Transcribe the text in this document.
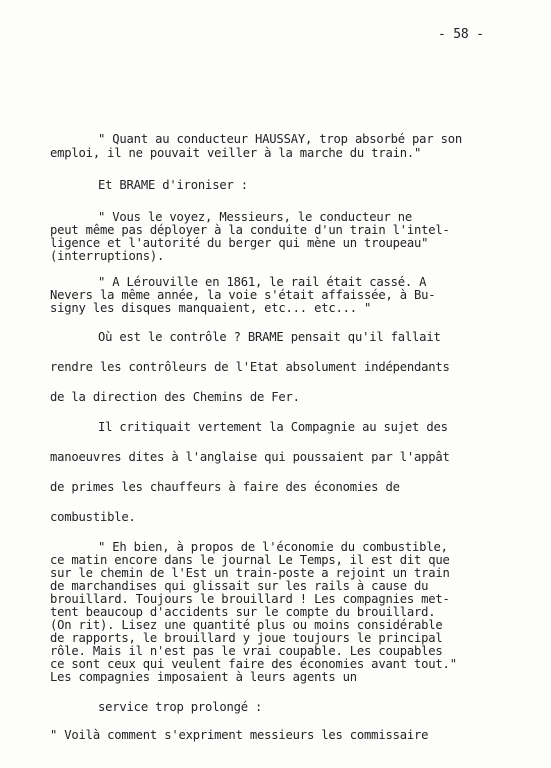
- 58 -
" Quant au conducteur HAUSSAY, trop absorbé par son
emploi, il ne pouvait veiller à la marche du train."
Et BRAME d'ironiser :
" Vous le voyez, Messieurs, le conducteur ne
peut même pas déployer à la conduite d'un train l'intel-
ligence et l'autorité du berger qui mène un troupeau"
(interruptions).
" A Lérouville en 1861, le rail était cassé. A
Nevers la même année, la voie s'était affaissée, à Bu-
signy les disques manquaient, etc... etc... "
Où est le contrôle ? BRAME pensait qu'il fallait
rendre les contrôleurs de l'Etat absolument indépendants
de la direction des Chemins de Fer.
Il critiquait vertement la Compagnie au sujet des
manoeuvres dites à l'anglaise qui poussaient par l'appât
de primes les chauffeurs à faire des économies de
combustible.
" Eh bien, à propos de l'économie du combustible,
ce matin encore dans le journal Le Temps, il est dit que
sur le chemin de l'Est un train-poste a rejoint un train
de marchandises qui glissait sur les rails à cause du
brouillard. Toujours le brouillard ! Les compagnies met-
tent beaucoup d'accidents sur le compte du brouillard.
(On rit). Lisez une quantité plus ou moins considérable
de rapports, le brouillard y joue toujours le principal
rôle. Mais il n'est pas le vrai coupable. Les coupables
ce sont ceux qui veulent faire des économies avant tout."
Les compagnies imposaient à leurs agents un
service trop prolongé :
" Voilà comment s'expriment messieurs les commissaire
